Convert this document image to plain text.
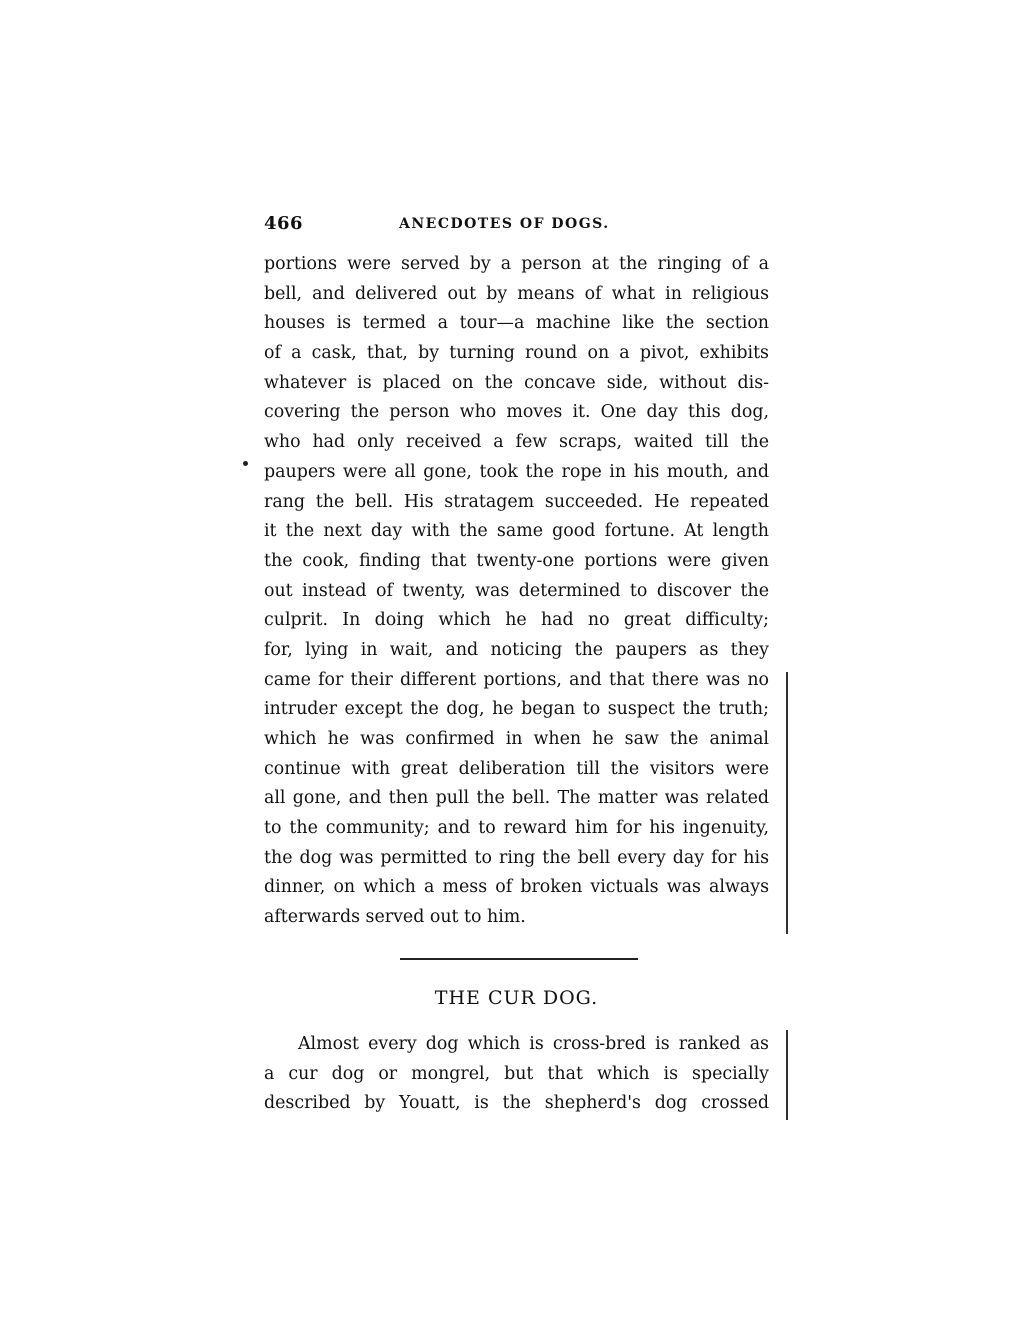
466	ANECDOTES OF DOGS.
portions were served by a person at the ringing of a
bell, and delivered out by means of what in religious
houses is termed a tour—a machine like the section
of a cask, that, by turning round on a pivot, exhibits
whatever is placed on the concave side, without dis-
covering the person who moves it. One day this dog,
who had only received a few scraps, waited till the
paupers were all gone, took the rope in his mouth, and
rang the bell. His stratagem succeeded. He repeated
it the next day with the same good fortune. At length
the cook, finding that twenty-one portions were given
out instead of twenty, was determined to discover the
culprit. In doing which he had no great difficulty;
for, lying in wait, and noticing the paupers as they
came for their different portions, and that there was no
intruder except the dog, he began to suspect the truth;
which he was confirmed in when he saw the animal
continue with great deliberation till the visitors were
all gone, and then pull the bell. The matter was related
to the community; and to reward him for his ingenuity,
the dog was permitted to ring the bell every day for his
dinner, on which a mess of broken victuals was always
afterwards served out to him.
THE CUR DOG.
Almost every dog which is cross-bred is ranked as
a cur dog or mongrel, but that which is specially
described by Youatt, is the shepherd's dog crossed
